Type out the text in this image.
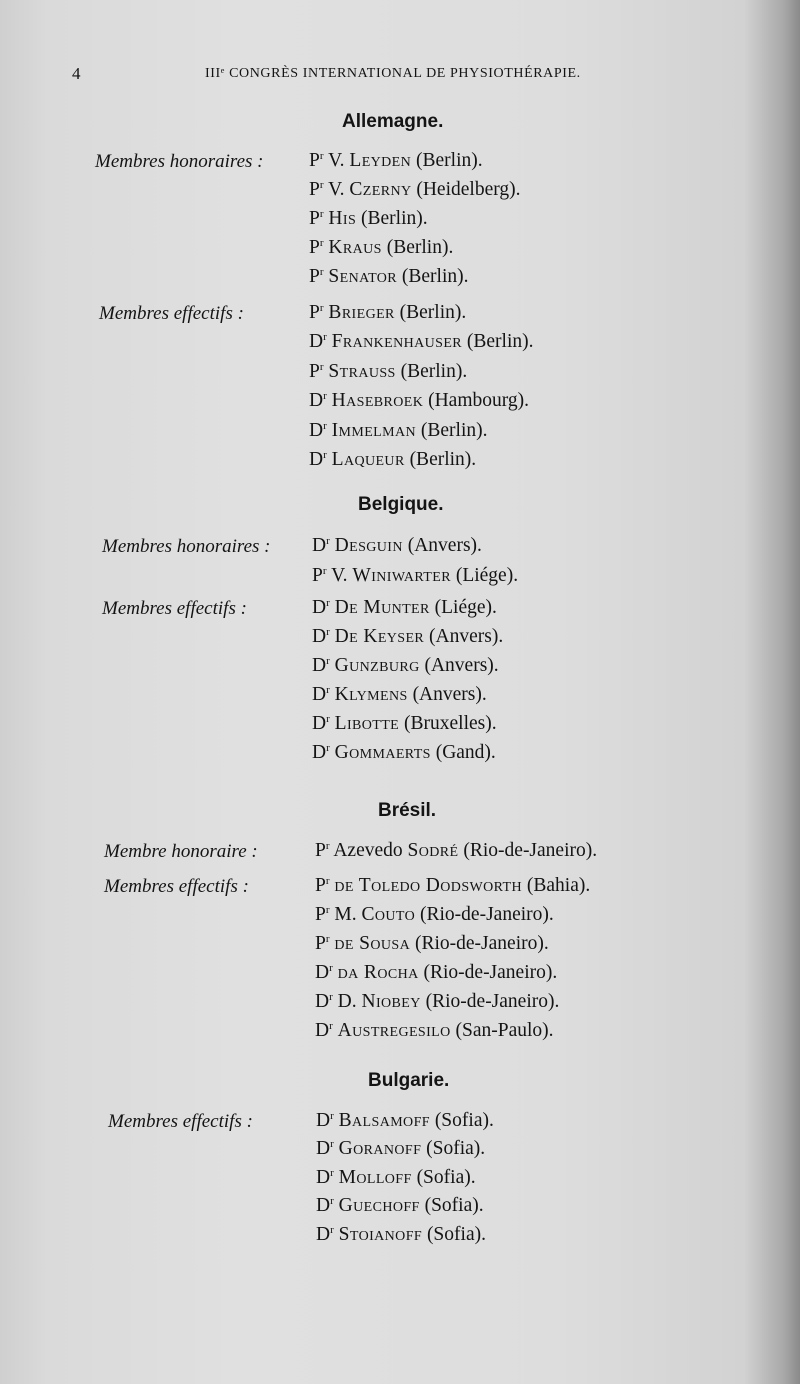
4	IIIᵉ CONGRÈS INTERNATIONAL DE PHYSIOTHÉRAPIE.
Allemagne.
Membres honoraires : $P^r$ V. Leyden (Berlin).
$P^r$ V. Czerny (Heidelberg).
$P^r$ His (Berlin).
$P^r$ Kraus (Berlin).
$P^r$ Senator (Berlin).
Membres effectifs :	$P^r$ Brieger (Berlin).
$D^r$ Frankenhauser (Berlin).
$P^r$ Strauss (Berlin).
$D^r$ Hasebroek (Hambourg).
$D^r$ Immelman (Berlin).
$D^r$ Laqueur (Berlin).
Belgique.
Membres honoraires : $D^r$ Desguin (Anvers).
$P^r$ V. Winiwarter (Liége).
Membres effectifs :	$D^r$ De Munter (Liége).
$D^r$ De Keyser (Anvers).
$D^r$ Gunzburg (Anvers).
$D^r$ Klymens (Anvers).
$D^r$ Libotte (Bruxelles).
$D^r$ Gommaerts (Gand).
Brésil.
Membre honoraire :	$P^r$ Azevedo Sodré (Rio-de-Janeiro).
Membres effectifs :	$P^r$ de Toledo Dodsworth (Bahia).
$P^r$ M. Couto (Rio-de-Janeiro).
$P^r$ de Sousa (Rio-de-Janeiro).
$D^r$ da Rocha (Rio-de-Janeiro).
$D^r$ D. Niobey (Rio-de-Janeiro).
$D^r$ Austregesilo (San-Paulo).
Bulgarie.
Membres effectifs :	$D^r$ Balsamoff (Sofia).
$D^r$ Goranoff (Sofia).
$D^r$ Molloff (Sofia).
$D^r$ Guechoff (Sofia).
$D^r$ Stoianoff (Sofia).
